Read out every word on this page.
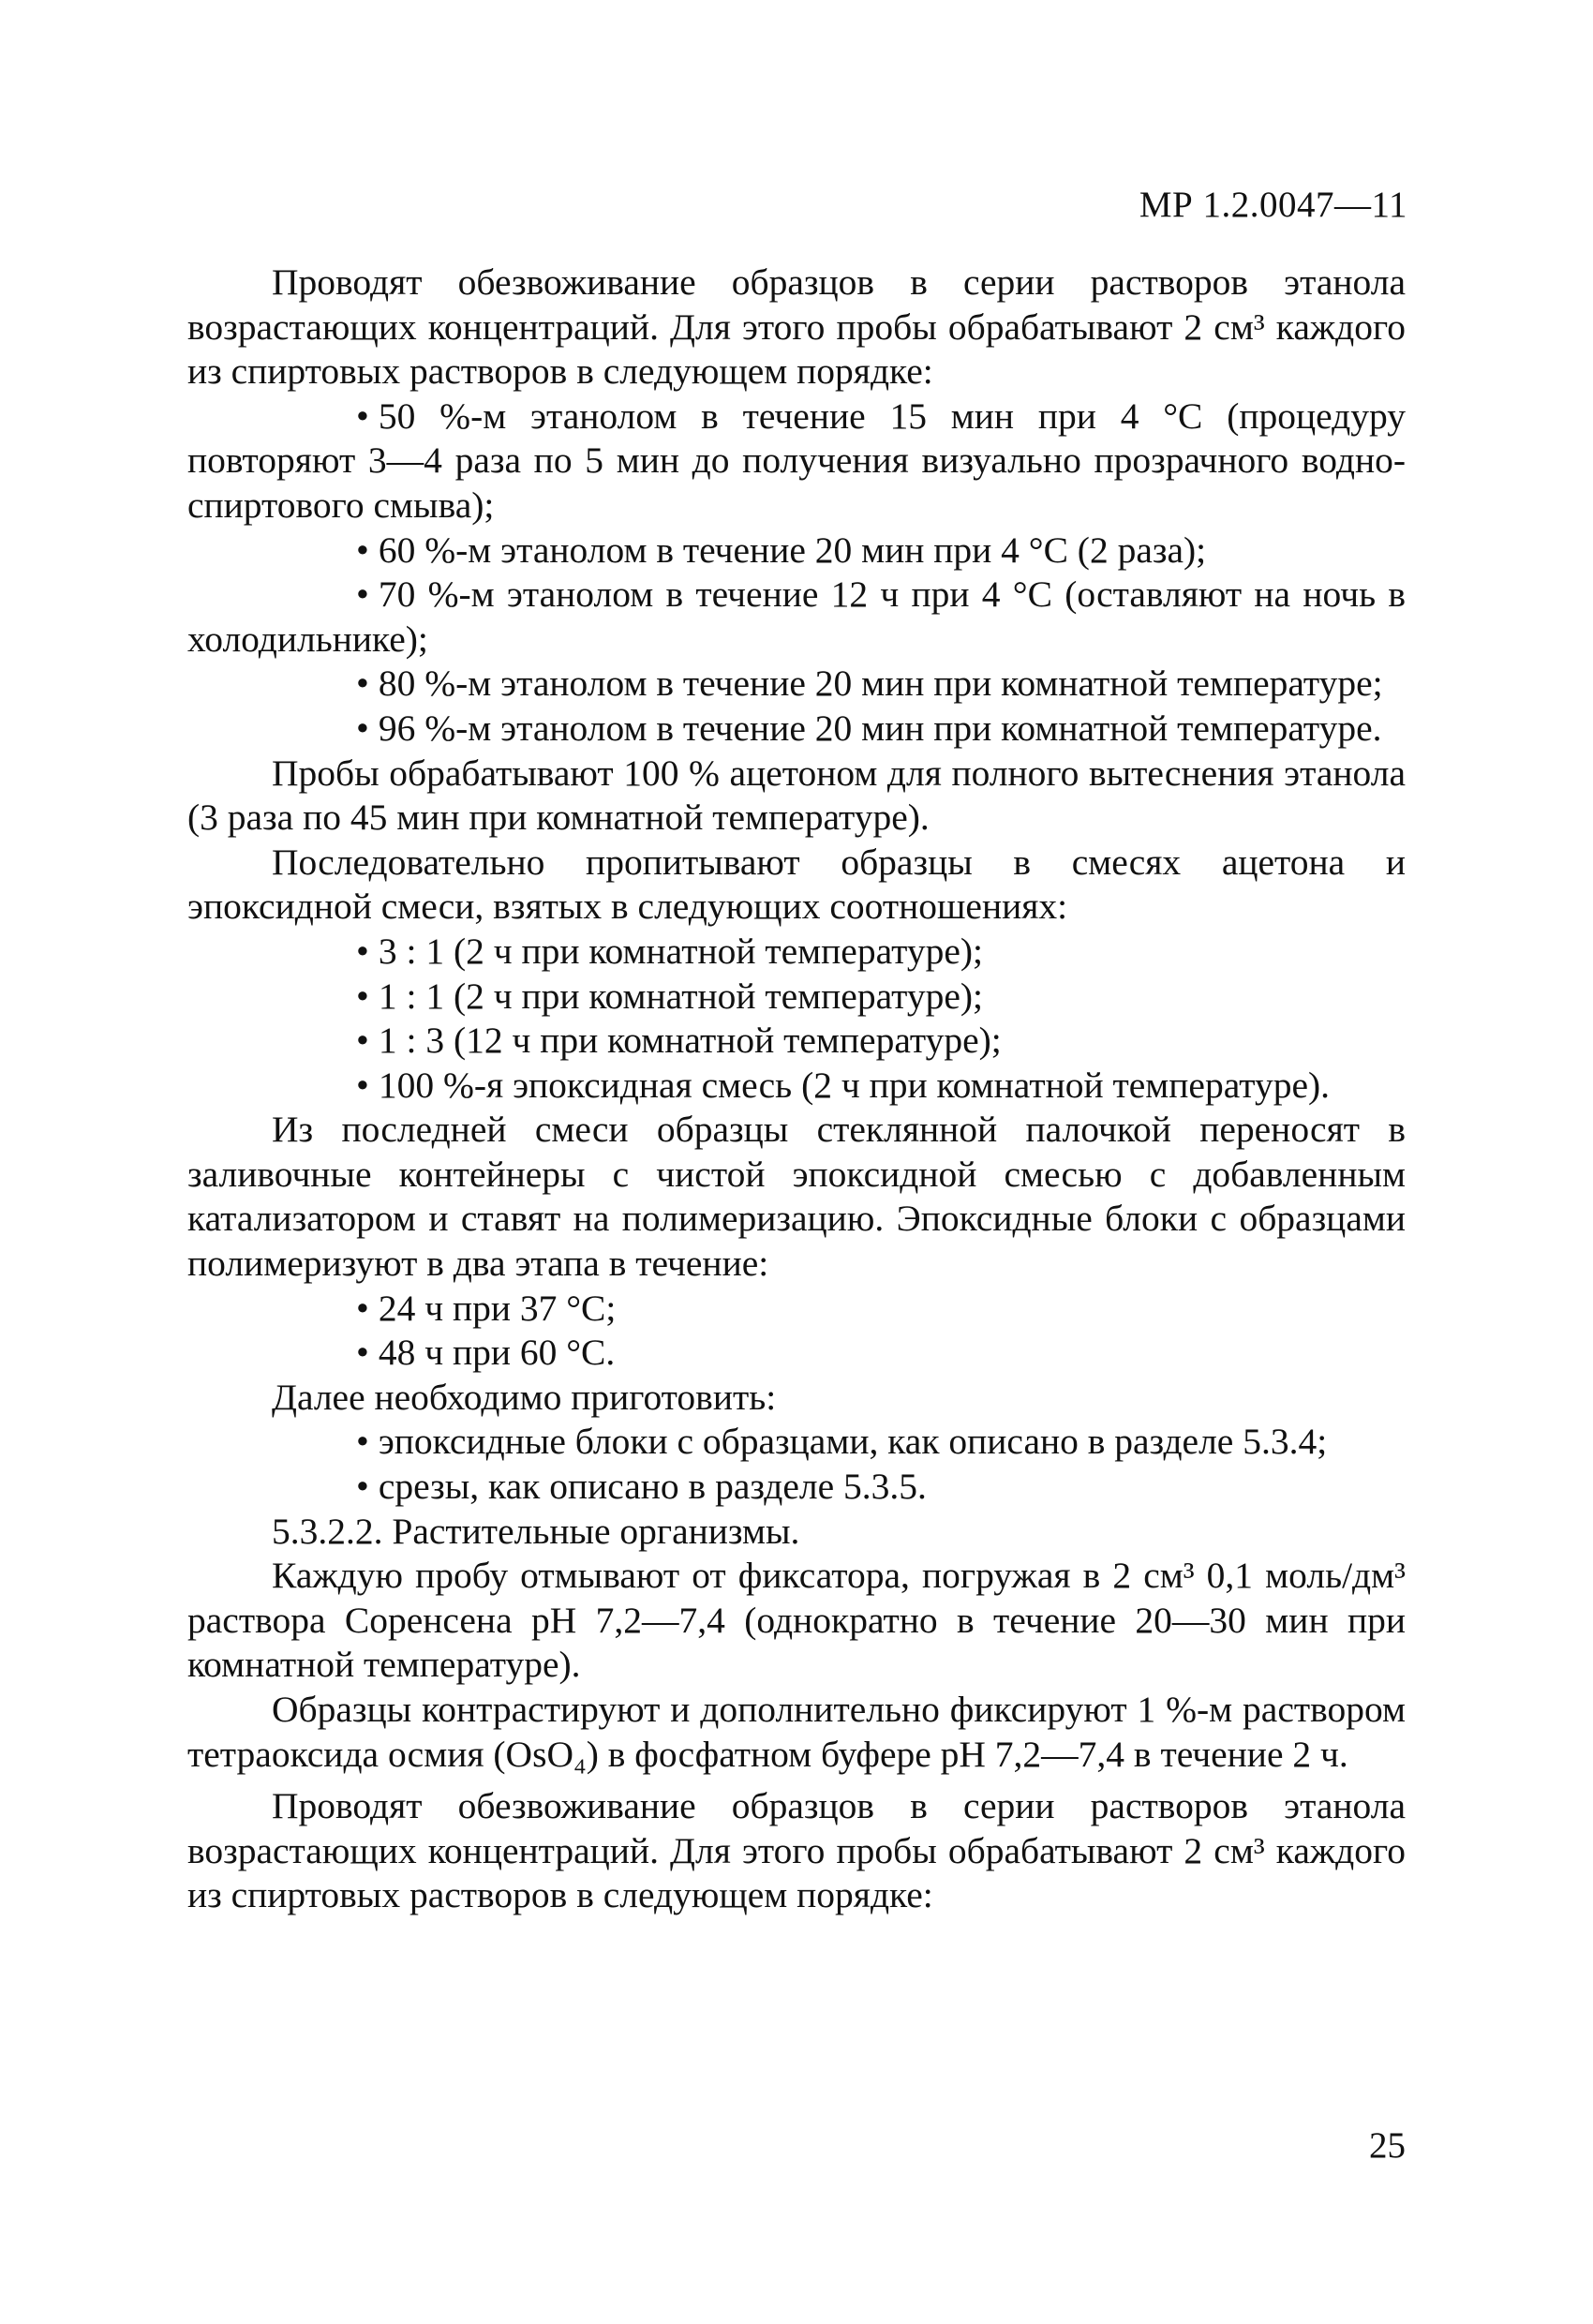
МР 1.2.0047—11

Проводят обезвоживание образцов в серии растворов этанола возрастающих концентраций. Для этого пробы обрабатывают 2 см³ каждого из спиртовых растворов в следующем порядке:

• 50 %-м этанолом в течение 15 мин при 4 °С (процедуру повторяют 3—4 раза по 5 мин до получения визуально прозрачного водно-спиртового смыва);

• 60 %-м этанолом в течение 20 мин при 4 °С (2 раза);

• 70 %-м этанолом в течение 12 ч при 4 °С (оставляют на ночь в холодильнике);

• 80 %-м этанолом в течение 20 мин при комнатной температуре;

• 96 %-м этанолом в течение 20 мин при комнатной температуре.

Пробы обрабатывают 100 % ацетоном для полного вытеснения этанола (3 раза по 45 мин при комнатной температуре).

Последовательно пропитывают образцы в смесях ацетона и эпоксидной смеси, взятых в следующих соотношениях:

• 3 : 1 (2 ч при комнатной температуре);

• 1 : 1 (2 ч при комнатной температуре);

• 1 : 3 (12 ч при комнатной температуре);

• 100 %-я эпоксидная смесь (2 ч при комнатной температуре).

Из последней смеси образцы стеклянной палочкой переносят в заливочные контейнеры с чистой эпоксидной смесью с добавленным катализатором и ставят на полимеризацию. Эпоксидные блоки с образцами полимеризуют в два этапа в течение:

• 24 ч при 37 °С;

• 48 ч при 60 °С.

Далее необходимо приготовить:

• эпоксидные блоки с образцами, как описано в разделе 5.3.4;

• срезы, как описано в разделе 5.3.5.

5.3.2.2. Растительные организмы.

Каждую пробу отмывают от фиксатора, погружая в 2 см³ 0,1 моль/дм³ раствора Соренсена рН 7,2—7,4 (однократно в течение 20—30 мин при комнатной температуре).

Образцы контрастируют и дополнительно фиксируют 1 %-м раствором тетраоксида осмия (OsO₄) в фосфатном буфере рН 7,2—7,4 в течение 2 ч.

Проводят обезвоживание образцов в серии растворов этанола возрастающих концентраций. Для этого пробы обрабатывают 2 см³ каждого из спиртовых растворов в следующем порядке:

25
